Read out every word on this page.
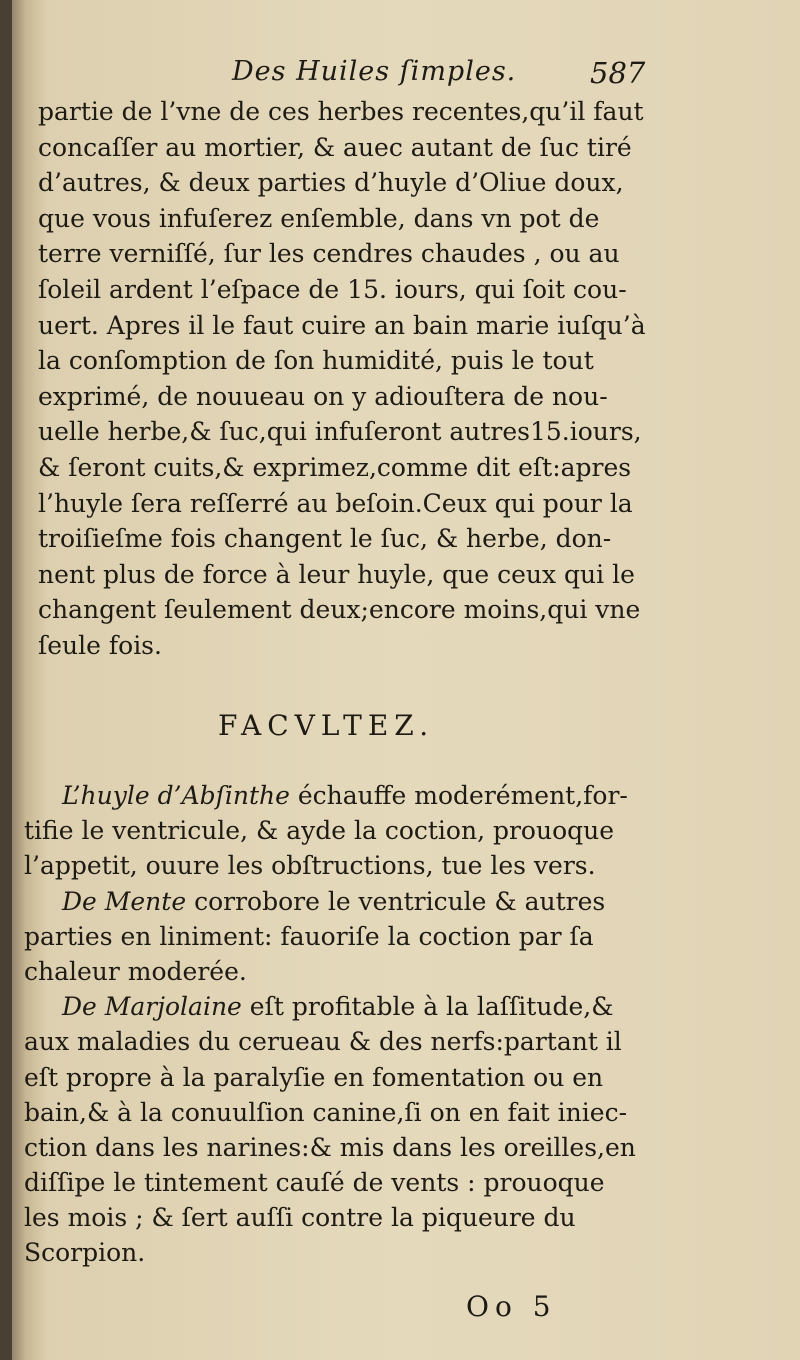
Des Huiles ſimples.	587
partie de l’vne de ces herbes recentes,qu’il faut
concaſſer au mortier, & auec autant de ſuc tiré
d’autres, & deux parties d’huyle d’Oliue doux,
que vous infuſerez enſemble, dans vn pot de
terre verniſſé, ſur les cendres chaudes , ou au
ſoleil ardent l’eſpace de 15. iours, qui ſoit cou-
uert. Apres il le faut cuire an bain marie iuſqu’à
la conſomption de ſon humidité, puis le tout
exprimé, de nouueau on y adiouſtera de nou-
uelle herbe,& ſuc,qui infuſeront autres15.iours,
& ſeront cuits,& exprimez,comme dit eſt:apres
l’huyle ſera reſſerré au beſoin.Ceux qui pour la
troiſieſme fois changent le ſuc, & herbe, don-
nent plus de force à leur huyle, que ceux qui le
changent ſeulement deux;encore moins,qui vne
ſeule fois.
FACVLTEZ.
L’huyle d’Abſinthe échauffe moderément,for-
tifie le ventricule, & ayde la coction, prouoque
l’appetit, ouure les obſtructions, tue les vers.
De Mente corrobore le ventricule & autres
parties en liniment: fauoriſe la coction par ſa
chaleur moderée.
De Marjolaine eſt profitable à la laſſitude,&
aux maladies du cerueau & des nerfs:partant il
eſt propre à la paralyſie en fomentation ou en
bain,& à la conuulſion canine,ſi on en fait iniec-
ction dans les narines:& mis dans les oreilles,en
diſſipe le tintement cauſé de vents : prouoque
les mois ; & ſert auſſi contre la piqueure du
Scorpion.
Oo 5
